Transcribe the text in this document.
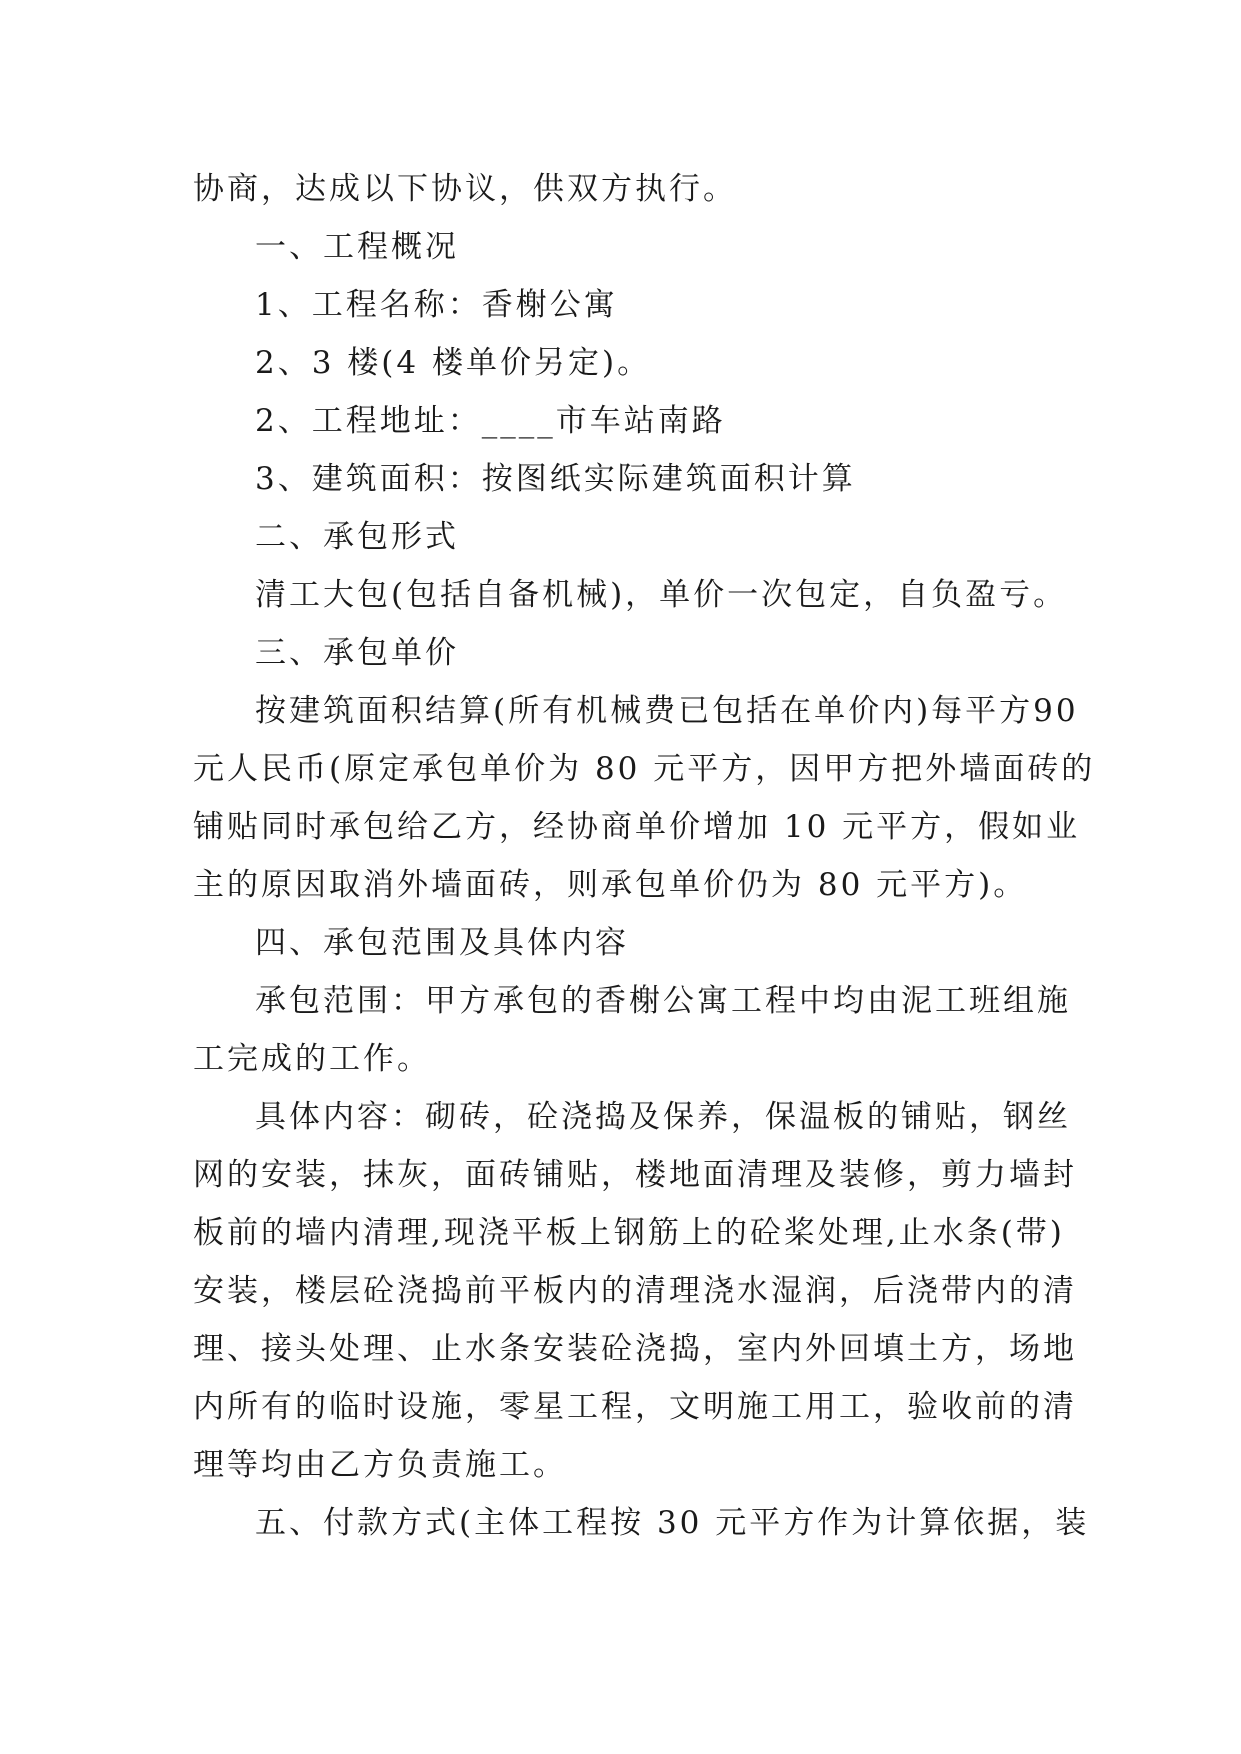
协商，达成以下协议，供双方执行。

一、工程概况

1、工程名称：香榭公寓

2、3 楼(4 楼单价另定)。

2、工程地址：____市车站南路

3、建筑面积：按图纸实际建筑面积计算

二、承包形式

清工大包(包括自备机械)，单价一次包定，自负盈亏。

三、承包单价

按建筑面积结算(所有机械费已包括在单价内)每平方90

元人民币(原定承包单价为 80 元平方，因甲方把外墙面砖的

铺贴同时承包给乙方，经协商单价增加 10 元平方，假如业

主的原因取消外墙面砖，则承包单价仍为 80 元平方)。

四、承包范围及具体内容

承包范围：甲方承包的香榭公寓工程中均由泥工班组施

工完成的工作。

具体内容：砌砖，砼浇捣及保养，保温板的铺贴，钢丝

网的安装，抹灰，面砖铺贴，楼地面清理及装修，剪力墙封

板前的墙内清理,现浇平板上钢筋上的砼桨处理,止水条(带)

安装，楼层砼浇捣前平板内的清理浇水湿润，后浇带内的清

理、接头处理、止水条安装砼浇捣，室内外回填土方，场地

内所有的临时设施，零星工程，文明施工用工，验收前的清

理等均由乙方负责施工。

五、付款方式(主体工程按 30 元平方作为计算依据，装
